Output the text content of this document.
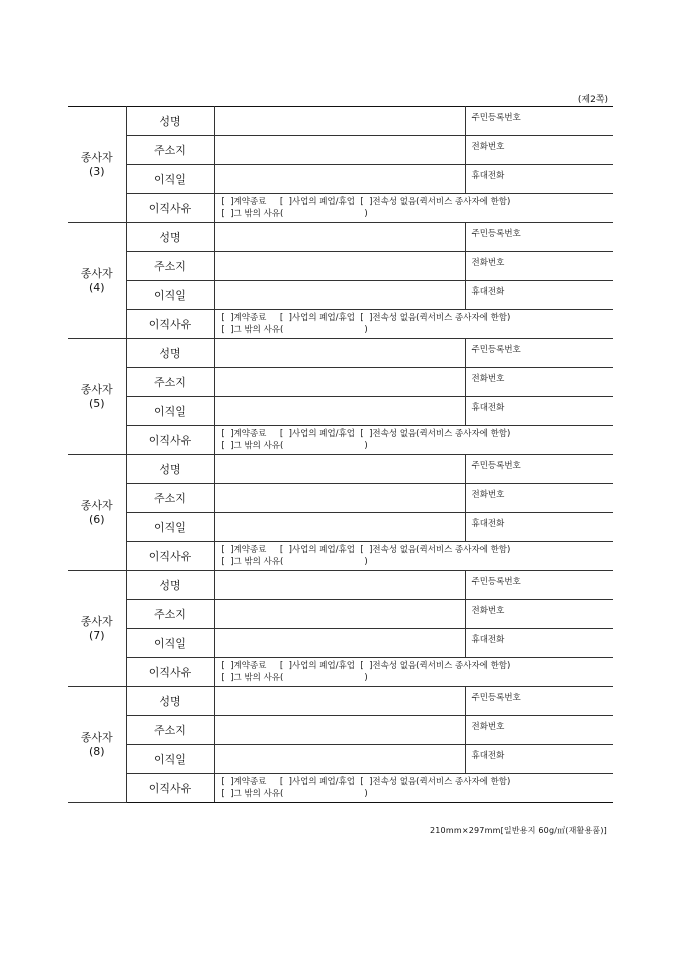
(제2쪽)
종사자
(3)	성명		주민등록번호
	주소지		전화번호
	이직일		휴대전화
	이직사유	[  ]계약종료     [  ]사업의 폐업/휴업  [  ]전속성 없음(퀵서비스 종사자에 한함)
[  ]그 밖의 사유(                              )	

종사자
(4)	성명		주민등록번호
	주소지		전화번호
	이직일		휴대전화
	이직사유	[  ]계약종료     [  ]사업의 폐업/휴업  [  ]전속성 없음(퀵서비스 종사자에 한함)
[  ]그 밖의 사유(                              )	

종사자
(5)	성명		주민등록번호
	주소지		전화번호
	이직일		휴대전화
	이직사유	[  ]계약종료     [  ]사업의 폐업/휴업  [  ]전속성 없음(퀵서비스 종사자에 한함)
[  ]그 밖의 사유(                              )	

종사자
(6)	성명		주민등록번호
	주소지		전화번호
	이직일		휴대전화
	이직사유	[  ]계약종료     [  ]사업의 폐업/휴업  [  ]전속성 없음(퀵서비스 종사자에 한함)
[  ]그 밖의 사유(                              )	

종사자
(7)	성명		주민등록번호
	주소지		전화번호
	이직일		휴대전화
	이직사유	[  ]계약종료     [  ]사업의 폐업/휴업  [  ]전속성 없음(퀵서비스 종사자에 한함)
[  ]그 밖의 사유(                              )	

종사자
(8)	성명		주민등록번호
	주소지		전화번호
	이직일		휴대전화
	이직사유	[  ]계약종료     [  ]사업의 폐업/휴업  [  ]전속성 없음(퀵서비스 종사자에 한함)
[  ]그 밖의 사유(                              )	
210mm×297mm[일반용지 60g/㎡(재활용품)]
